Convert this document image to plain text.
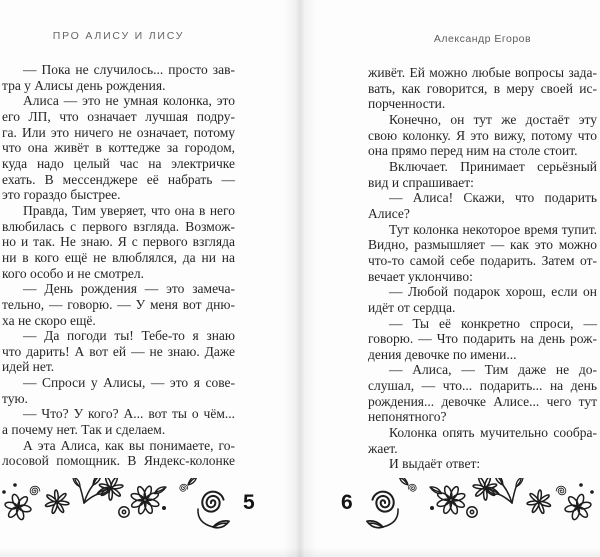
ПРО АЛИСУ И ЛИСУ
— Пока не случилось... просто зав-
тра у Алисы день рождения.
Алиса — это не умная колонка, это
его ЛП, что означает лучшая подру-
га. Или это ничего не означает, потому
что она живёт в коттедже за городом,
куда надо целый час на электричке
ехать. В мессенджере её набрать —
это гораздо быстрее.
Правда, Тим уверяет, что она в него
влюбилась с первого взгляда. Возмож-
но и так. Не знаю. Я с первого взгляда
ни в кого ещё не влюблялся, да ни на
кого особо и не смотрел.
— День рождения — это замеча-
тельно, — говорю. — У меня вот дню-
ха не скоро ещё.
— Да погоди ты! Тебе-то я знаю
что дарить! А вот ей — не знаю. Даже
идей нет.
— Спроси у Алисы, — это я сове-
тую.
— Что? У кого? А... вот ты о чём...
а почему нет. Так и сделаем.
А эта Алиса, как вы понимаете, го-
лосовой помощник. В Яндекс-колонке
5
Александр Егоров
живёт. Ей можно любые вопросы зада-
вать, как говорится, в меру своей ис-
порченности.
Конечно, он тут же достаёт эту
свою колонку. Я это вижу, потому что
она прямо перед ним на столе стоит.
Включает. Принимает серьёзный
вид и спрашивает:
— Алиса! Скажи, что подарить
Алисе?
Тут колонка некоторое время тупит.
Видно, размышляет — как это можно
что-то самой себе подарить. Затем от-
вечает уклончиво:
— Любой подарок хорош, если он
идёт от сердца.
— Ты её конкретно спроси, —
говорю. — Что подарить на день рож-
дения девочке по имени...
— Алиса, — Тим даже не до-
слушал, — что... подарить... на день
рождения... девочке Алисе... чего тут
непонятного?
Колонка опять мучительно сообра-
жает.
И выдаёт ответ:
6
